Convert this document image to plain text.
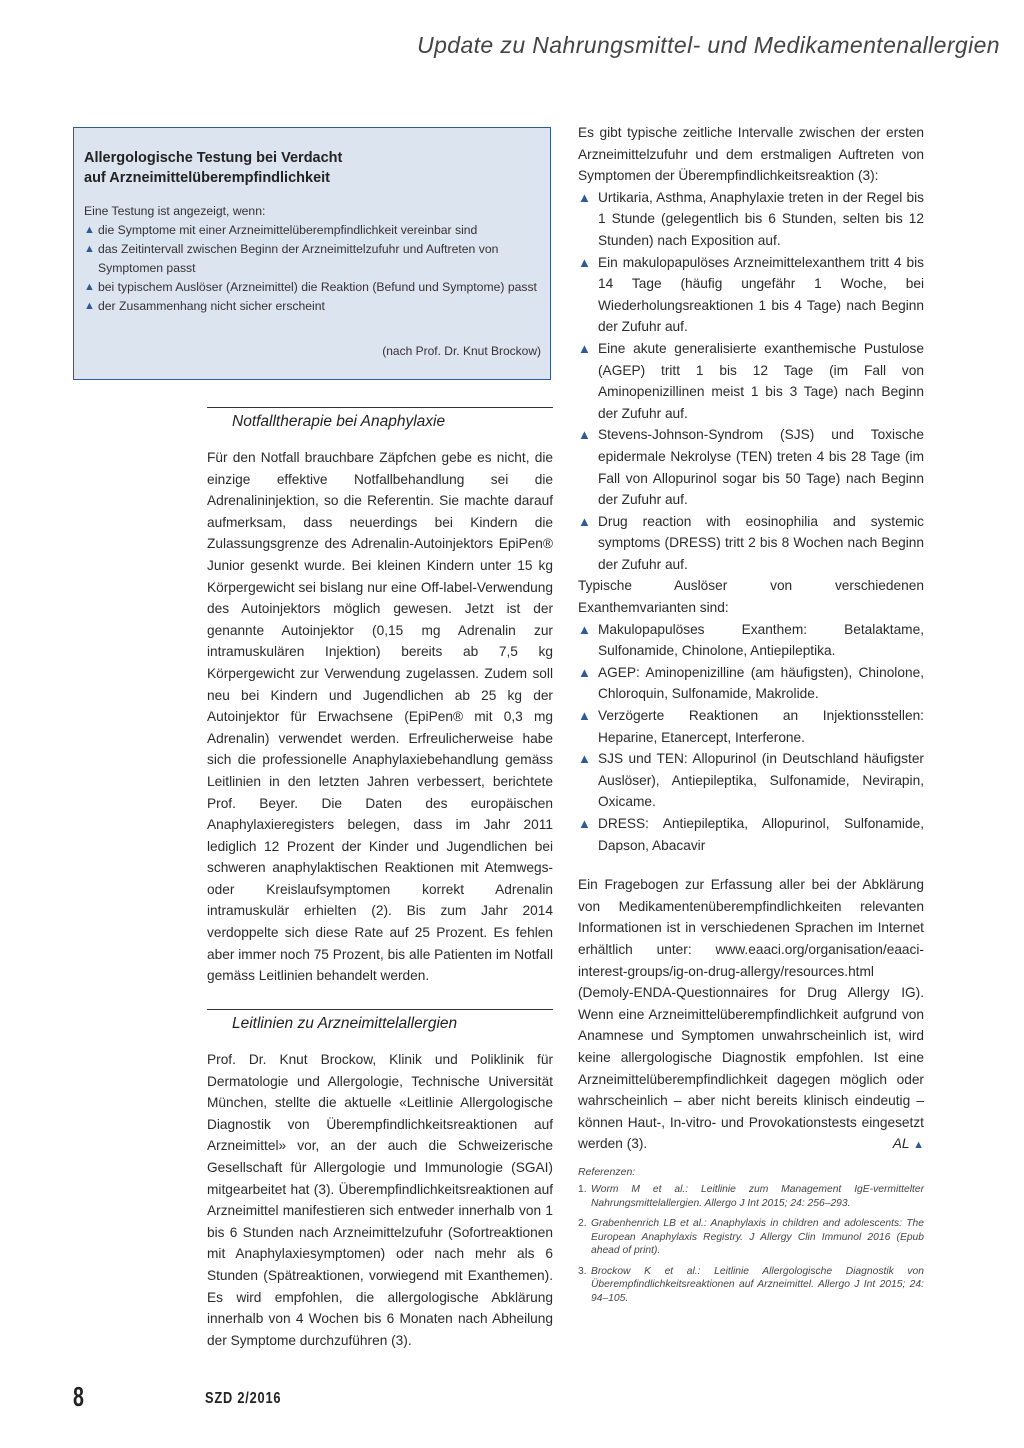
Update zu Nahrungsmittel- und Medikamentenallergien
Allergologische Testung bei Verdacht
auf Arzneimittelüberempfindlichkeit
Eine Testung ist angezeigt, wenn:
▲ die Symptome mit einer Arzneimittelüberempfindlichkeit vereinbar sind
▲ das Zeitintervall zwischen Beginn der Arzneimittelzufuhr und Auftreten von Symptomen passt
▲ bei typischem Auslöser (Arzneimittel) die Reaktion (Befund und Symptome) passt
▲ der Zusammenhang nicht sicher erscheint
(nach Prof. Dr. Knut Brockow)
Notfalltherapie bei Anaphylaxie

Für den Notfall brauchbare Zäpfchen gebe es nicht, die einzige effektive Notfallbehandlung sei die Adrenalininjektion, so die Referentin. Sie machte darauf aufmerksam, dass neuerdings bei Kindern die Zulassungsgrenze des Adrenalin-Autoinjektors EpiPen® Junior gesenkt wurde. Bei kleinen Kindern unter 15 kg Körpergewicht sei bislang nur eine Off-label-Verwendung des Autoinjektors möglich gewesen. Jetzt ist der genannte Autoinjektor (0,15 mg Adrenalin zur intramuskulären Injektion) bereits ab 7,5 kg Körpergewicht zur Verwendung zugelassen. Zudem soll neu bei Kindern und Jugendlichen ab 25 kg der Autoinjektor für Erwachsene (EpiPen® mit 0,3 mg Adrenalin) verwendet werden. Erfreulicherweise habe sich die professionelle Anaphylaxiebehandlung gemäss Leitlinien in den letzten Jahren verbessert, berichtete Prof. Beyer. Die Daten des europäischen Anaphylaxieregisters belegen, dass im Jahr 2011 lediglich 12 Prozent der Kinder und Jugendlichen bei schweren anaphylaktischen Reaktionen mit Atemwegs- oder Kreislaufsymptomen korrekt Adrenalin intramuskulär erhielten (2). Bis zum Jahr 2014 verdoppelte sich diese Rate auf 25 Prozent. Es fehlen aber immer noch 75 Prozent, bis alle Patienten im Notfall gemäss Leitlinien behandelt werden.

Leitlinien zu Arzneimittelallergien

Prof. Dr. Knut Brockow, Klinik und Poliklinik für Dermatologie und Allergologie, Technische Universität München, stellte die aktuelle «Leitlinie Allergologische Diagnostik von Überempfindlichkeitsreaktionen auf Arzneimittel» vor, an der auch die Schweizerische Gesellschaft für Allergologie und Immunologie (SGAI) mitgearbeitet hat (3). Überempfindlichkeitsreaktionen auf Arzneimittel manifestieren sich entweder innerhalb von 1 bis 6 Stunden nach Arzneimittelzufuhr (Sofortreaktionen mit Anaphylaxiesymptomen) oder nach mehr als 6 Stunden (Spätreaktionen, vorwiegend mit Exanthemen). Es wird empfohlen, die allergologische Abklärung innerhalb von 4 Wochen bis 6 Monaten nach Abheilung der Symptome durchzuführen (3).

Es gibt typische zeitliche Intervalle zwischen der ersten Arzneimittelzufuhr und dem erstmaligen Auftreten von Symptomen der Überempfindlichkeitsreaktion (3):

▲ Urtikaria, Asthma, Anaphylaxie treten in der Regel bis 1 Stunde (gelegentlich bis 6 Stunden, selten bis 12 Stunden) nach Exposition auf.
▲ Ein makulopapulöses Arzneimittelexanthem tritt 4 bis 14 Tage (häufig ungefähr 1 Woche, bei Wiederholungsreaktionen 1 bis 4 Tage) nach Beginn der Zufuhr auf.
▲ Eine akute generalisierte exanthemische Pustulose (AGEP) tritt 1 bis 12 Tage (im Fall von Aminopenizillinen meist 1 bis 3 Tage) nach Beginn der Zufuhr auf.
▲ Stevens-Johnson-Syndrom (SJS) und Toxische epidermale Nekrolyse (TEN) treten 4 bis 28 Tage (im Fall von Allopurinol sogar bis 50 Tage) nach Beginn der Zufuhr auf.
▲ Drug reaction with eosinophilia and systemic symptoms (DRESS) tritt 2 bis 8 Wochen nach Beginn der Zufuhr auf.

Typische Auslöser von verschiedenen Exanthemvarianten sind:

▲ Makulopapulöses Exanthem: Betalaktame, Sulfonamide, Chinolone, Antiepileptika.
▲ AGEP: Aminopenizilline (am häufigsten), Chinolone, Chloroquin, Sulfonamide, Makrolide.
▲ Verzögerte Reaktionen an Injektionsstellen: Heparine, Etanercept, Interferone.
▲ SJS und TEN: Allopurinol (in Deutschland häufigster Auslöser), Antiepileptika, Sulfonamide, Nevirapin, Oxicame.
▲ DRESS: Antiepileptika, Allopurinol, Sulfonamide, Dapson, Abacavir

Ein Fragebogen zur Erfassung aller bei der Abklärung von Medikamentenüberempfindlichkeiten relevanten Informationen ist in verschiedenen Sprachen im Internet erhältlich unter: www.eaaci.org/organisation/eaaci-interest-groups/ig-on-drug-allergy/resources.html (Demoly-ENDA-Questionnaires for Drug Allergy IG). Wenn eine Arzneimittelüberempfindlichkeit aufgrund von Anamnese und Symptomen unwahrscheinlich ist, wird keine allergologische Diagnostik empfohlen. Ist eine Arzneimittelüberempfindlichkeit dagegen möglich oder wahrscheinlich – aber nicht bereits klinisch eindeutig – können Haut-, In-vitro- und Provokationstests eingesetzt werden (3).	AL ▲

Referenzen:
1. Worm M et al.: Leitlinie zum Management IgE-vermittelter Nahrungsmittelallergien. Allergo J Int 2015; 24: 256–293.
2. Grabenhenrich LB et al.: Anaphylaxis in children and adolescents: The European Anaphylaxis Registry. J Allergy Clin Immunol 2016 (Epub ahead of print).
3. Brockow K et al.: Leitlinie Allergologische Diagnostik von Überempfindlichkeitsreaktionen auf Arzneimittel. Allergo J Int 2015; 24: 94–105.
8	SZD 2/2016
